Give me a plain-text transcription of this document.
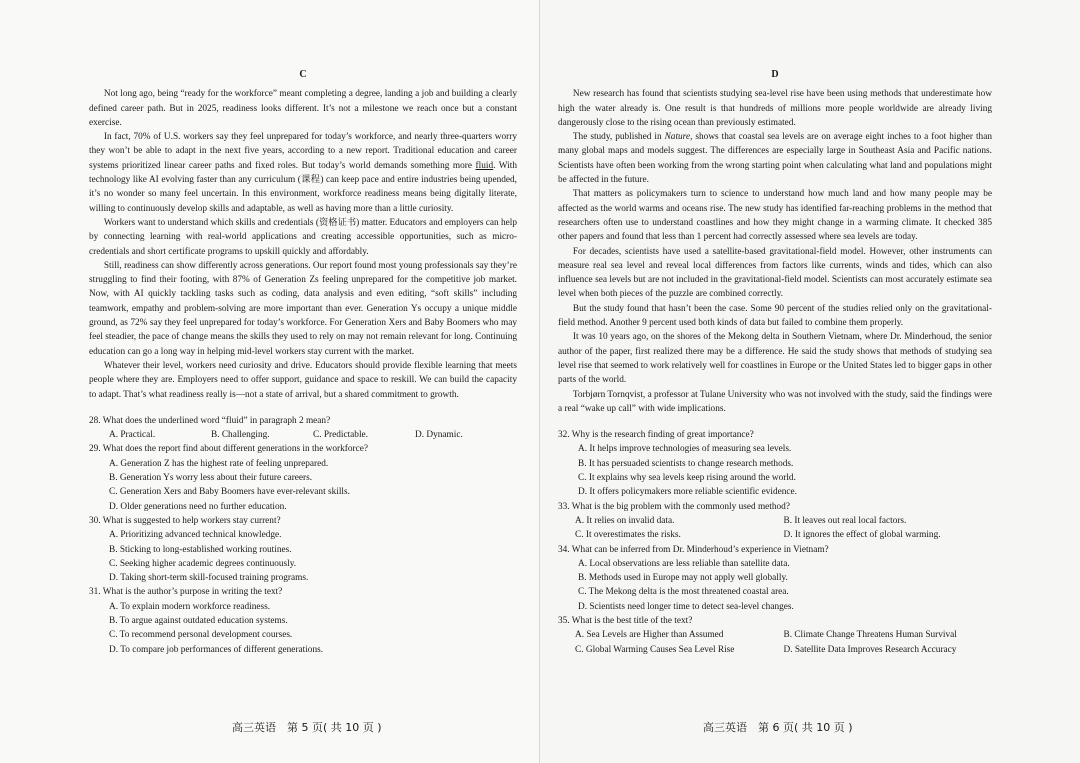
C

Not long ago, being “ready for the workforce” meant completing a degree, landing a job and building a clearly defined career path. But in 2025, readiness looks different. It’s not a milestone we reach once but a constant exercise.

In fact, 70% of U.S. workers say they feel unprepared for today’s workforce, and nearly three-quarters worry they won’t be able to adapt in the next five years, according to a new report. Traditional education and career systems prioritized linear career paths and fixed roles. But today’s world demands something more fluid. With technology like AI evolving faster than any curriculum (课程) can keep pace and entire industries being upended, it’s no wonder so many feel uncertain. In this environment, workforce readiness means being digitally literate, willing to continuously develop skills and adaptable, as well as having more than a little curiosity.

Workers want to understand which skills and credentials (资格证书) matter. Educators and employers can help by connecting learning with real-world applications and creating accessible opportunities, such as micro-credentials and short certificate programs to upskill quickly and affordably.

Still, readiness can show differently across generations. Our report found most young professionals say they’re struggling to find their footing, with 87% of Generation Zs feeling unprepared for the competitive job market. Now, with AI quickly tackling tasks such as coding, data analysis and even editing, “soft skills” including teamwork, empathy and problem-solving are more important than ever. Generation Ys occupy a unique middle ground, as 72% say they feel unprepared for today’s workforce. For Generation Xers and Baby Boomers who may feel steadier, the pace of change means the skills they used to rely on may not remain relevant for long. Continuing education can go a long way in helping mid-level workers stay current with the market.

Whatever their level, workers need curiosity and drive. Educators should provide flexible learning that meets people where they are. Employers need to offer support, guidance and space to reskill. We can build the capacity to adapt. That’s what readiness really is—not a state of arrival, but a shared commitment to growth.

28. What does the underlined word “fluid” in paragraph 2 mean?

A. Practical.	B. Challenging.	C. Predictable.	D. Dynamic.

29. What does the report find about different generations in the workforce?

A. Generation Z has the highest rate of feeling unprepared.
B. Generation Ys worry less about their future careers.
C. Generation Xers and Baby Boomers have ever-relevant skills.
D. Older generations need no further education.

30. What is suggested to help workers stay current?

A. Prioritizing advanced technical knowledge.
B. Sticking to long-established working routines.
C. Seeking higher academic degrees continuously.
D. Taking short-term skill-focused training programs.

31. What is the author’s purpose in writing the text?

A. To explain modern workforce readiness.
B. To argue against outdated education systems.
C. To recommend personal development courses.
D. To compare job performances of different generations.
D

New research has found that scientists studying sea-level rise have been using methods that underestimate how high the water already is. One result is that hundreds of millions more people worldwide are already living dangerously close to the rising ocean than previously estimated.

The study, published in Nature, shows that coastal sea levels are on average eight inches to a foot higher than many global maps and models suggest. The differences are especially large in Southeast Asia and Pacific nations. Scientists have often been working from the wrong starting point when calculating what land and populations might be affected in the future.

That matters as policymakers turn to science to understand how much land and how many people may be affected as the world warms and oceans rise. The new study has identified far-reaching problems in the method that researchers often use to understand coastlines and how they might change in a warming climate. It checked 385 other papers and found that less than 1 percent had correctly assessed where sea levels are today.

For decades, scientists have used a satellite-based gravitational-field model. However, other instruments can measure real sea level and reveal local differences from factors like currents, winds and tides, which can also influence sea levels but are not included in the gravitational-field model. Scientists can most accurately estimate sea level when both pieces of the puzzle are combined correctly.

But the study found that hasn’t been the case. Some 90 percent of the studies relied only on the gravitational-field method. Another 9 percent used both kinds of data but failed to combine them properly.

It was 10 years ago, on the shores of the Mekong delta in Southern Vietnam, where Dr. Minderhoud, the senior author of the paper, first realized there may be a difference. He said the study shows that methods of studying sea level rise that seemed to work relatively well for coastlines in Europe or the United States led to bigger gaps in other parts of the world.

Torbjørn Tornqvist, a professor at Tulane University who was not involved with the study, said the findings were a real “wake up call” with wide implications.

32. Why is the research finding of great importance?

A. It helps improve technologies of measuring sea levels.
B. It has persuaded scientists to change research methods.
C. It explains why sea levels keep rising around the world.
D. It offers policymakers more reliable scientific evidence.

33. What is the big problem with the commonly used method?

A. It relies on invalid data.	B. It leaves out real local factors.
C. It overestimates the risks.	D. It ignores the effect of global warming.

34. What can be inferred from Dr. Minderhoud’s experience in Vietnam?

A. Local observations are less reliable than satellite data.
B. Methods used in Europe may not apply well globally.
C. The Mekong delta is the most threatened coastal area.
D. Scientists need longer time to detect sea-level changes.

35. What is the best title of the text?

A. Sea Levels are Higher than Assumed	B. Climate Change Threatens Human Survival
C. Global Warming Causes Sea Level Rise	D. Satellite Data Improves Research Accuracy
高三英语　第 5 页( 共 10 页 )	高三英语　第 6 页( 共 10 页 )
